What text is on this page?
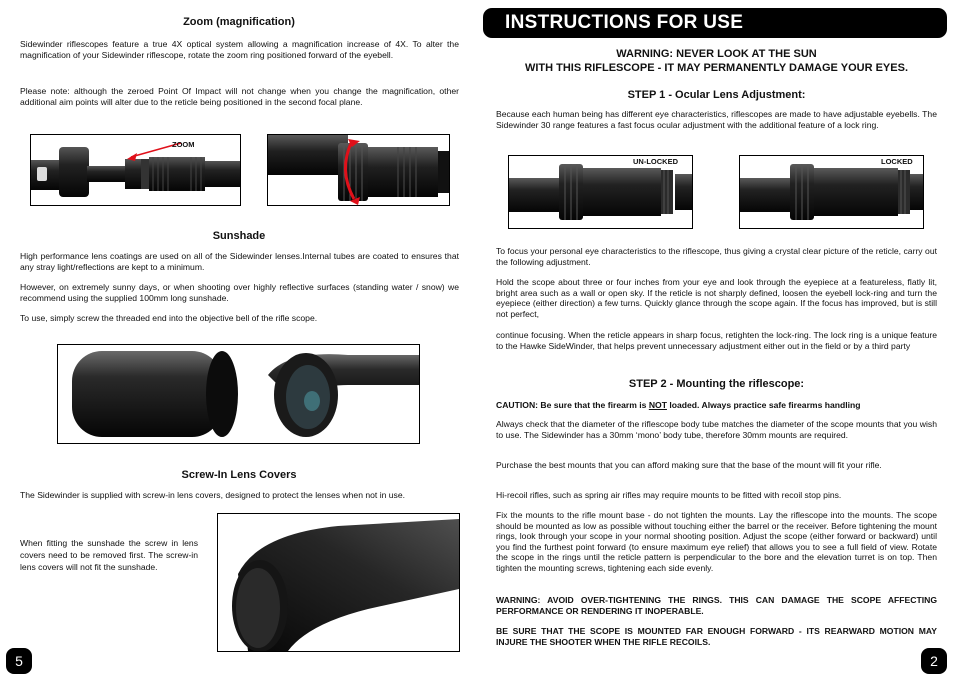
Zoom (magnification)
Sidewinder riflescopes feature a true 4X optical system allowing a magnification increase of 4X. To alter the magnification of your Sidewinder riflescope, rotate the zoom ring positioned forward of the eyebell.
Please note: although the zeroed Point Of Impact will not change when you change the magnification, other additional aim points will alter due to the reticle being positioned in the second focal plane.
ZOOM
Sunshade
High performance lens coatings are used on all of the Sidewinder lenses.Internal tubes are coated to ensures that any stray light/reflections are kept to a minimum.
However, on extremely sunny days, or when shooting over highly reflective surfaces (standing water / snow) we recommend using the supplied 100mm long sunshade.
To use, simply screw the threaded end into the objective bell of the rifle scope.
Screw-In Lens Covers
The Sidewinder is supplied with screw-in lens covers, designed to protect the lenses when not in use.
When fitting the sunshade the screw in lens covers need to be removed first. The screw-in lens covers will not fit the sunshade.
5
INSTRUCTIONS FOR USE
WARNING: NEVER LOOK AT THE SUN
WITH THIS RIFLESCOPE - IT MAY PERMANENTLY DAMAGE YOUR EYES.
STEP 1 - Ocular Lens Adjustment:
Because each human being has different eye characteristics, riflescopes are made to have adjustable eyebells. The Sidewinder 30 range features a fast focus ocular adjustment with the additional feature of a lock ring.
UN-LOCKED	LOCKED
To focus your personal eye characteristics to the riflescope, thus giving a crystal clear picture of the reticle, carry out the following adjustment.
Hold the scope about three or four inches from your eye and look through the eyepiece at a featureless, flatly lit, bright area such as a wall or open sky. If the reticle is not sharply defined, loosen the eyebell lock-ring and turn the eyepiece (either direction) a few turns. Quickly glance through the scope again. If the focus has improved, but is still not perfect,
continue focusing. When the reticle appears in sharp focus, retighten the lock-ring. The lock ring is a unique feature to the Hawke SideWinder, that helps prevent unnecessary adjustment either out in the field or by a third party
STEP 2 - Mounting the riflescope:
CAUTION: Be sure that the firearm is NOT loaded. Always practice safe firearms handling
Always check that the diameter of the riflescope body tube matches the diameter of the scope mounts that you wish to use. The Sidewinder has a 30mm ‘mono’ body tube, therefore 30mm mounts are required.
Purchase the best mounts that you can afford making sure that the base of the mount will fit your rifle.
Hi-recoil rifles, such as spring air rifles may require mounts to be fitted with recoil stop pins.
Fix the mounts to the rifle mount base - do not tighten the mounts. Lay the riflescope into the mounts. The scope should be mounted as low as possible without touching either the barrel or the receiver. Before tightening the mount rings, look through your scope in your normal shooting position. Adjust the scope (either forward or backward) until you find the furthest point forward (to ensure maximum eye relief) that allows you to see a full field of view. Rotate the scope in the rings until the reticle pattern is perpendicular to the bore and the elevation turret is on top. Then tighten the mounting screws, tightening each side evenly.
WARNING: AVOID OVER-TIGHTENING THE RINGS. THIS CAN DAMAGE THE SCOPE AFFECTING PERFORMANCE OR RENDERING IT INOPERABLE.
BE SURE THAT THE SCOPE IS MOUNTED FAR ENOUGH FORWARD - ITS REARWARD MOTION MAY INJURE THE SHOOTER WHEN THE RIFLE RECOILS.
2
